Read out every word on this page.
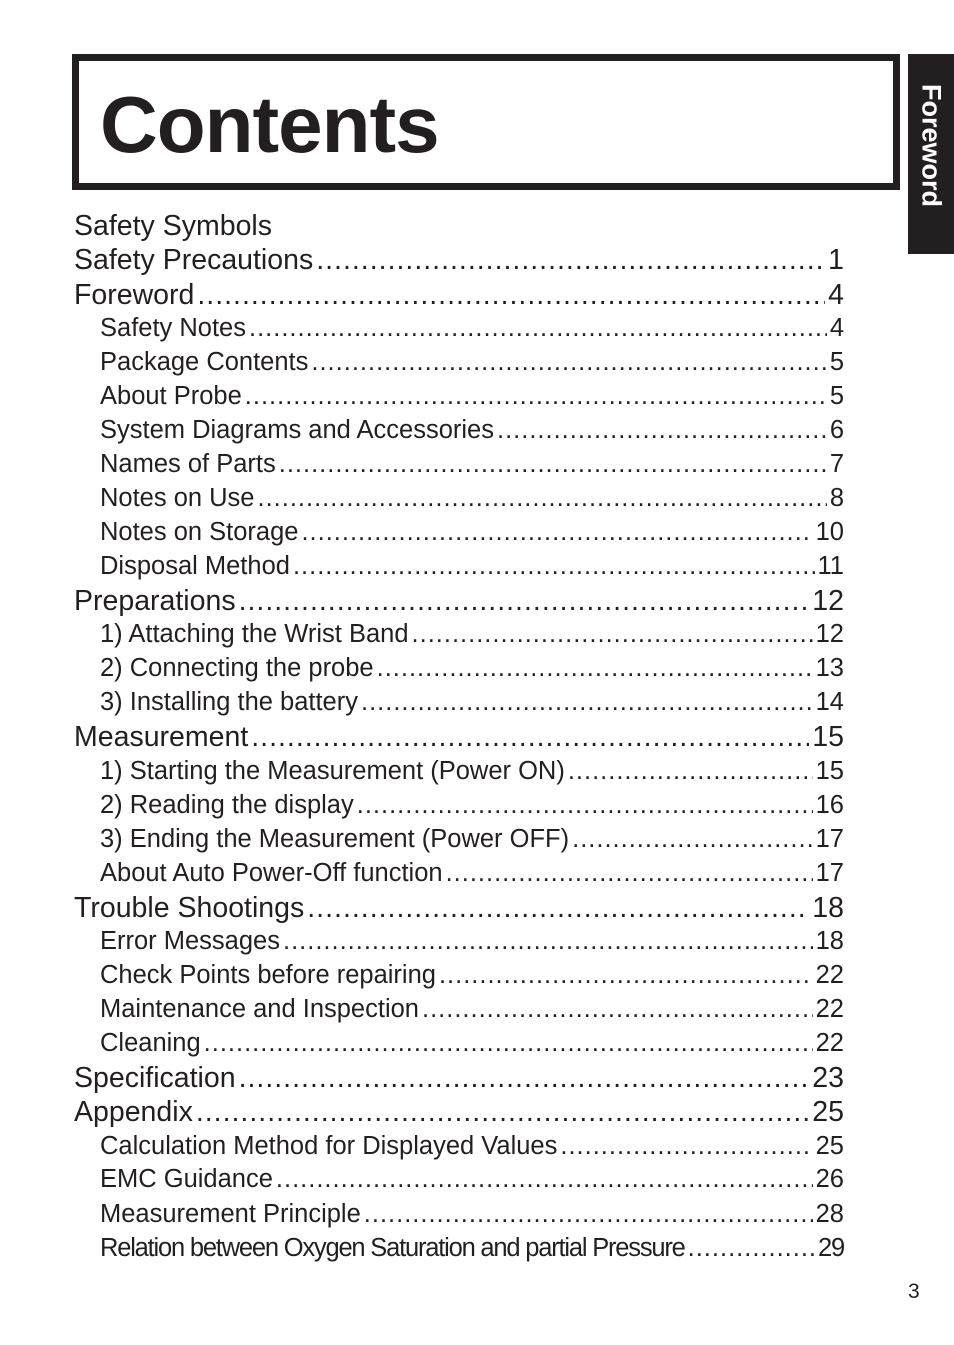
Contents	Foreword
Safety Symbols
Safety Precautions .....	1
Foreword .....	4
Safety Notes .....	4
Package Contents .....	5
About Probe .....	5
System Diagrams and Accessories .....	6
Names of Parts .....	7
Notes on Use .....	8
Notes on Storage .....	10
Disposal Method .....	11
Preparations .....	12
1) Attaching the Wrist Band .....	12
2) Connecting the probe .....	13
3) Installing the battery .....	14
Measurement .....	15
1) Starting the Measurement (Power ON) .....	15
2) Reading the display .....	16
3) Ending the Measurement (Power OFF) .....	17
About Auto Power-Off function .....	17
Trouble Shootings .....	18
Error Messages .....	18
Check Points before repairing .....	22
Maintenance and Inspection .....	22
Cleaning .....	22
Specification .....	23
Appendix .....	25
Calculation Method for Displayed Values .....	25
EMC Guidance .....	26
Measurement Principle .....	28
Relation between Oxygen Saturation and partial Pressure .....	29
3
